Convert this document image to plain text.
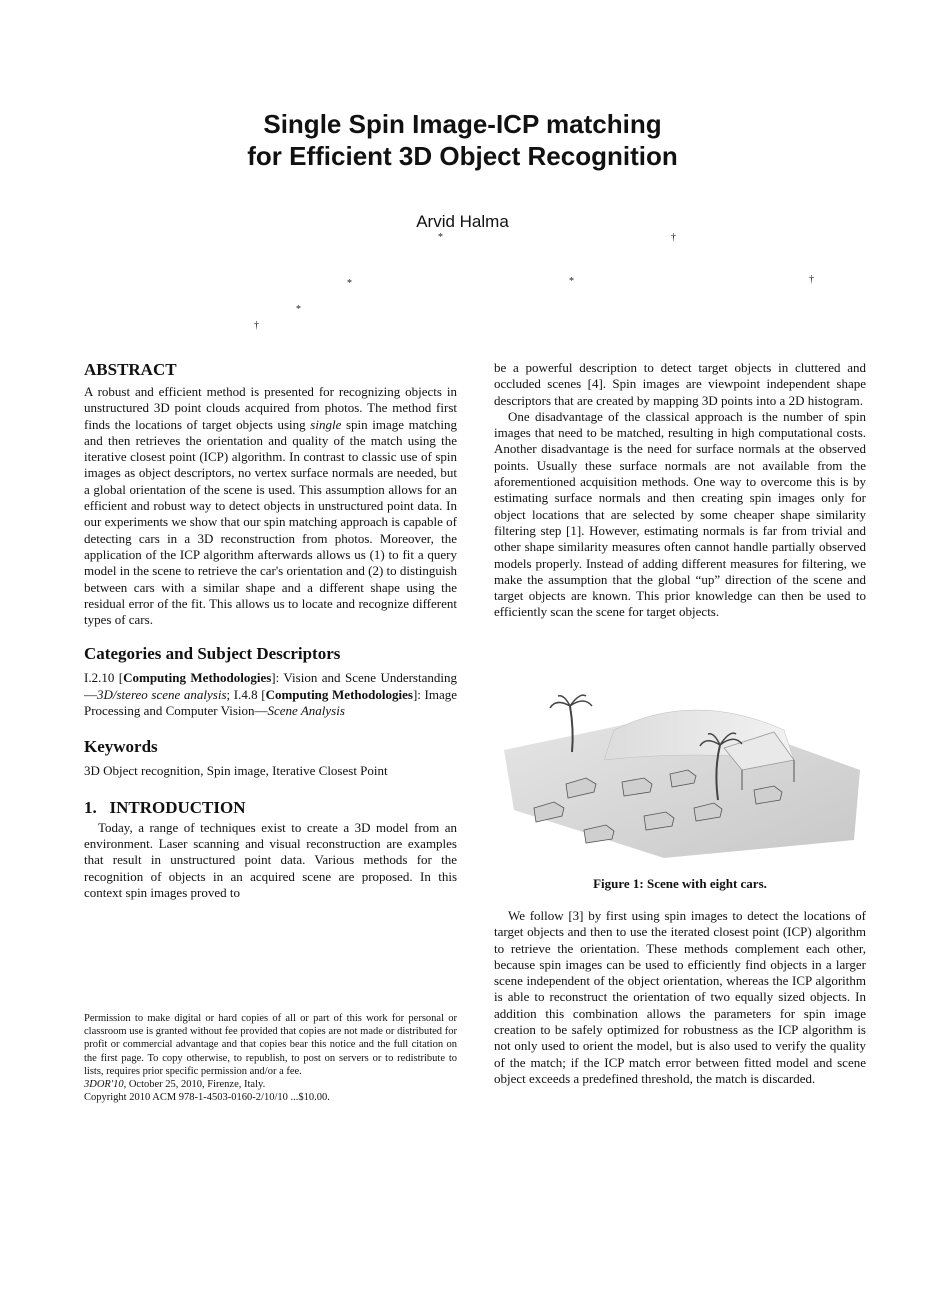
Single Spin Image-ICP matching
for Efficient 3D Object Recognition
Arvid Halma
*	†
*	*	†
*
†
ABSTRACT

A robust and efficient method is presented for recognizing objects in unstructured 3D point clouds acquired from photos. The method first finds the locations of target objects using single spin image matching and then retrieves the orientation and quality of the match using the iterative closest point (ICP) algorithm. In contrast to classic use of spin images as object descriptors, no vertex surface normals are needed, but a global orientation of the scene is used. This assumption allows for an efficient and robust way to detect objects in unstructured point data. In our experiments we show that our spin matching approach is capable of detecting cars in a 3D reconstruction from photos. Moreover, the application of the ICP algorithm afterwards allows us (1) to fit a query model in the scene to retrieve the car's orientation and (2) to distinguish between cars with a similar shape and a different shape using the residual error of the fit. This allows us to locate and recognize different types of cars.

Categories and Subject Descriptors

I.2.10 [Computing Methodologies]: Vision and Scene Understanding—3D/stereo scene analysis; I.4.8 [Computing Methodologies]: Image Processing and Computer Vision—Scene Analysis

Keywords

3D Object recognition, Spin image, Iterative Closest Point

1.   INTRODUCTION

Today, a range of techniques exist to create a 3D model from an environment. Laser scanning and visual reconstruction are examples that result in unstructured point data. Various methods for the recognition of objects in an acquired scene are proposed. In this context spin images proved to

Permission to make digital or hard copies of all or part of this work for personal or classroom use is granted without fee provided that copies are not made or distributed for profit or commercial advantage and that copies bear this notice and the full citation on the first page. To copy otherwise, to republish, to post on servers or to redistribute to lists, requires prior specific permission and/or a fee.

3DOR'10, October 25, 2010, Firenze, Italy.

Copyright 2010 ACM 978-1-4503-0160-2/10/10 ...$10.00.

be a powerful description to detect target objects in cluttered and occluded scenes [4]. Spin images are viewpoint independent shape descriptors that are created by mapping 3D points into a 2D histogram.

One disadvantage of the classical approach is the number of spin images that need to be matched, resulting in high computational costs. Another disadvantage is the need for surface normals at the observed points. Usually these surface normals are not available from the aforementioned acquisition methods. One way to overcome this is by estimating surface normals and then creating spin images only for object locations that are selected by some cheaper shape similarity filtering step [1]. However, estimating normals is far from trivial and other shape similarity measures often cannot handle partially observed models properly. Instead of adding different measures for filtering, we make the assumption that the global “up” direction of the scene and target objects are known. This prior knowledge can then be used to efficiently scan the scene for target objects.

Figure 1: Scene with eight cars.

We follow [3] by first using spin images to detect the locations of target objects and then to use the iterated closest point (ICP) algorithm to retrieve the orientation. These methods complement each other, because spin images can be used to efficiently find objects in a larger scene independent of the object orientation, whereas the ICP algorithm is able to reconstruct the orientation of two equally sized objects. In addition this combination allows the parameters for spin image creation to be safely optimized for robustness as the ICP algorithm is not only used to orient the model, but is also used to verify the quality of the match; if the ICP match error between fitted model and scene object exceeds a predefined threshold, the match is discarded.
